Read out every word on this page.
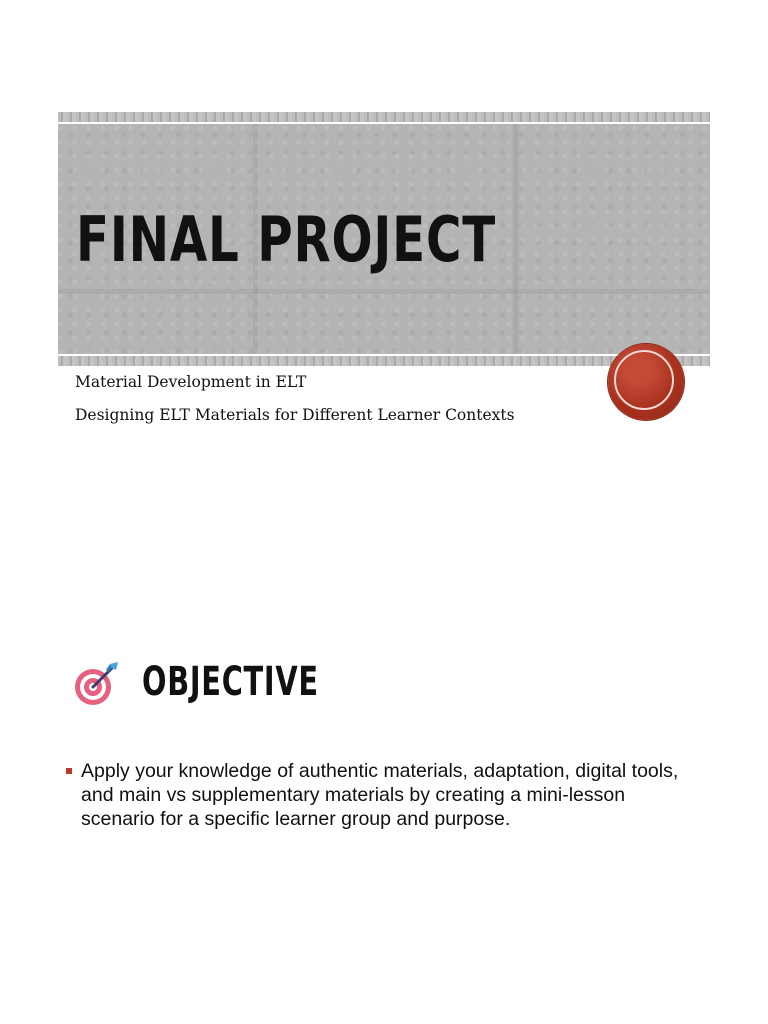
FINAL PROJECT

Material Development in ELT

Designing ELT Materials for Different Learner Contexts

OBJECTIVE
Apply your knowledge of authentic materials, adaptation, digital tools, and main vs supplementary materials by creating a mini-lesson scenario for a specific learner group and purpose.
